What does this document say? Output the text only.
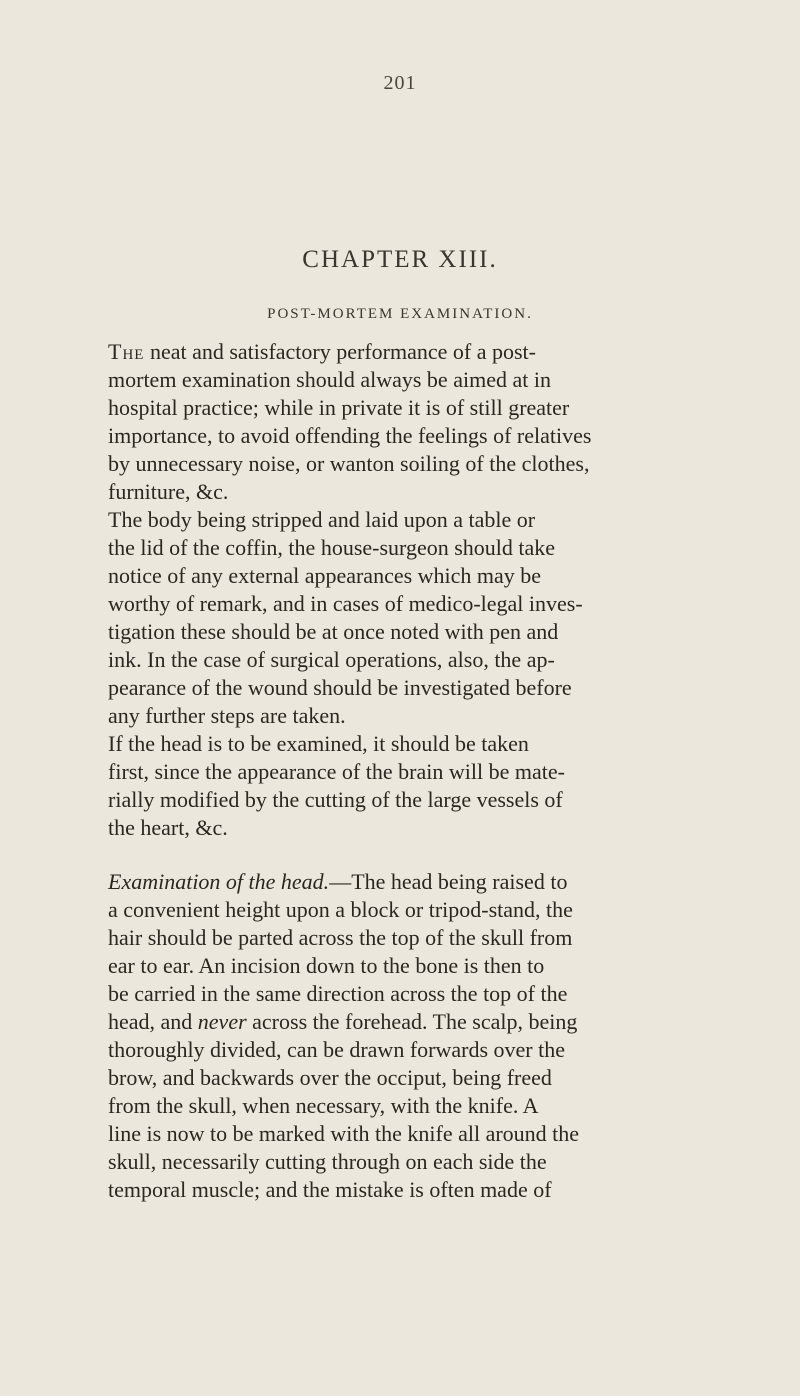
201
CHAPTER XIII.
POST-MORTEM EXAMINATION.
The neat and satisfactory performance of a post-
mortem examination should always be aimed at in
hospital practice; while in private it is of still greater
importance, to avoid offending the feelings of relatives
by unnecessary noise, or wanton soiling of the clothes,
furniture, &c.
The body being stripped and laid upon a table or
the lid of the coffin, the house-surgeon should take
notice of any external appearances which may be
worthy of remark, and in cases of medico-legal inves-
tigation these should be at once noted with pen and
ink. In the case of surgical operations, also, the ap-
pearance of the wound should be investigated before
any further steps are taken.
If the head is to be examined, it should be taken
first, since the appearance of the brain will be mate-
rially modified by the cutting of the large vessels of
the heart, &c.
Examination of the head.—The head being raised to
a convenient height upon a block or tripod-stand, the
hair should be parted across the top of the skull from
ear to ear. An incision down to the bone is then to
be carried in the same direction across the top of the
head, and never across the forehead. The scalp, being
thoroughly divided, can be drawn forwards over the
brow, and backwards over the occiput, being freed
from the skull, when necessary, with the knife. A
line is now to be marked with the knife all around the
skull, necessarily cutting through on each side the
temporal muscle; and the mistake is often made of
